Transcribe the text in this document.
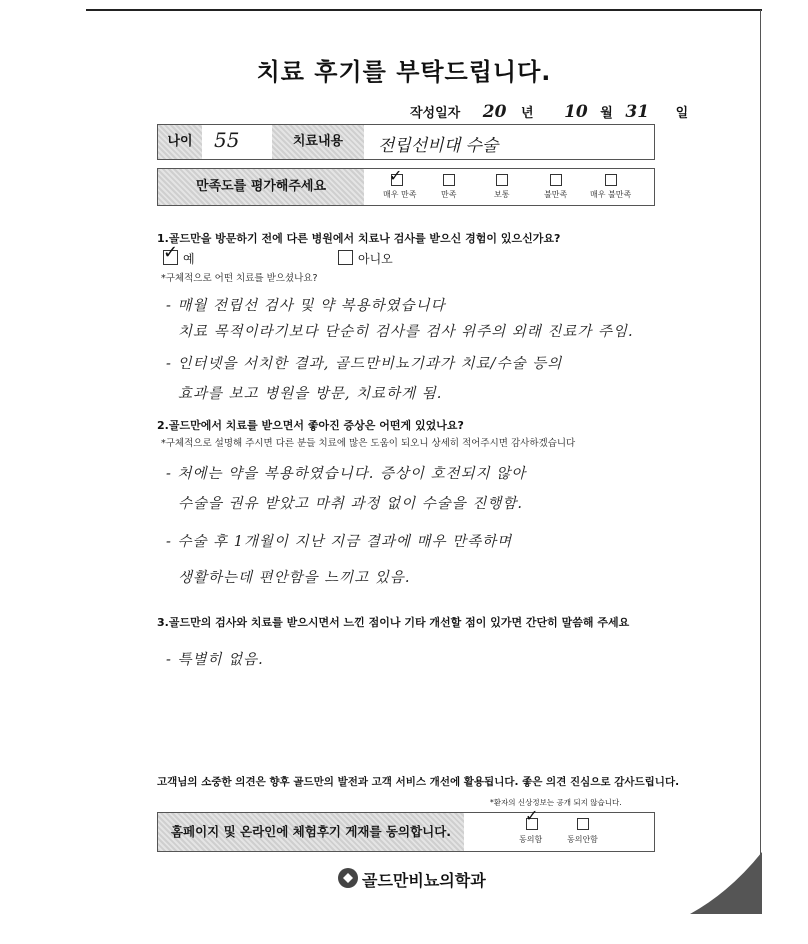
치료 후기를 부탁드립니다.
작성일자 20 년 10 월 31 일
나이	55	치료내용	전립선비대 수술
만족도를 평가해주세요
✓
매우 만족	만족	보통	불만족	매우 불만족
1.골드만을 방문하기 전에 다른 병원에서 치료나 검사를 받으신 경험이 있으신가요?
✓ 예	아니오
*구체적으로 어떤 치료를 받으셨나요?
- 매월 전립선 검사 및 약 복용하였습니다
치료 목적이라기보다 단순히 검사를 검사 위주의 외래 진료가 주임.
- 인터넷을 서치한 결과, 골드만비뇨기과가 치료/수술 등의
효과를 보고 병원을 방문, 치료하게 됨.
2.골드만에서 치료를 받으면서 좋아진 증상은 어떤게 있었나요?
*구체적으로 설명해 주시면 다른 분들 치료에 많은 도움이 되오니 상세히 적어주시면 감사하겠습니다
- 처에는 약을 복용하였습니다. 증상이 호전되지 않아
수술을 권유 받았고 마취 과정 없이 수술을 진행함.
- 수술 후 1개월이 지난 지금 결과에 매우 만족하며
생활하는데 편안함을 느끼고 있음.
3.골드만의 검사와 치료를 받으시면서 느낀 점이나 기타 개선할 점이 있가면 간단히 말씀해 주세요
- 특별히 없음.
고객님의 소중한 의견은 향후 골드만의 발전과 고객 서비스 개선에 활용됩니다. 좋은 의견 진심으로 감사드립니다.
*환자의 신상정보는 공개 되지 않습니다.
홈페이지 및 온라인에 체험후기 게재를 동의합니다.
✓
동의함	동의안함
골드만비뇨의학과
